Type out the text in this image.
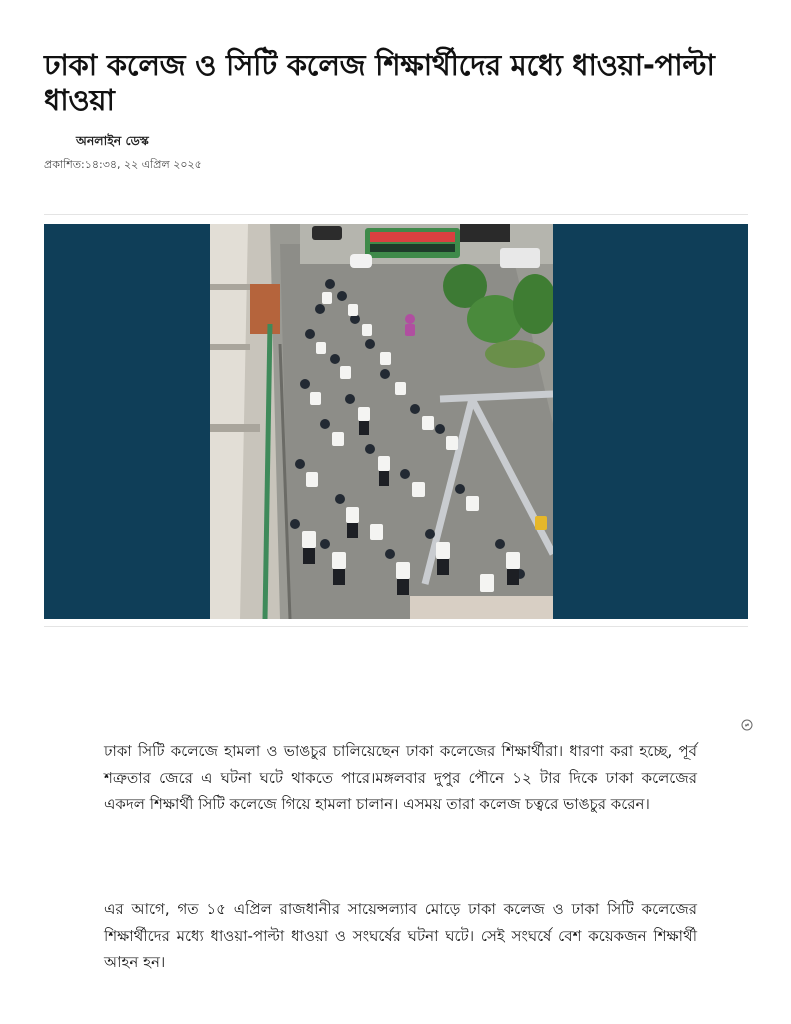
ঢাকা কলেজ ও সিটি কলেজ শিক্ষার্থীদের মধ্যে ধাওয়া-পাল্টা ধাওয়া
অনলাইন ডেস্ক
প্রকাশিত:১৪:৩৪, ২২ এপ্রিল ২০২৫

ঢাকা সিটি কলেজে হামলা ও ভাঙচুর চালিয়েছেন ঢাকা কলেজের শিক্ষার্থীরা। ধারণা করা হচ্ছে, পূর্ব শত্রুতার জেরে এ ঘটনা ঘটে থাকতে পারে।মঙ্গলবার দুপুর পৌনে ১২ টার দিকে ঢাকা কলেজের একদল শিক্ষার্থী সিটি কলেজে গিয়ে হামলা চালান। এসময় তারা কলেজ চত্বরে ভাঙচুর করেন।

এর আগে, গত ১৫ এপ্রিল রাজধানীর সায়েন্সল্যাব মোড়ে ঢাকা কলেজ ও ঢাকা সিটি কলেজের শিক্ষার্থীদের মধ্যে ধাওয়া-পাল্টা ধাওয়া ও সংঘর্ষের ঘটনা ঘটে। সেই সংঘর্ষে বেশ কয়েকজন শিক্ষার্থী আহন হন।
